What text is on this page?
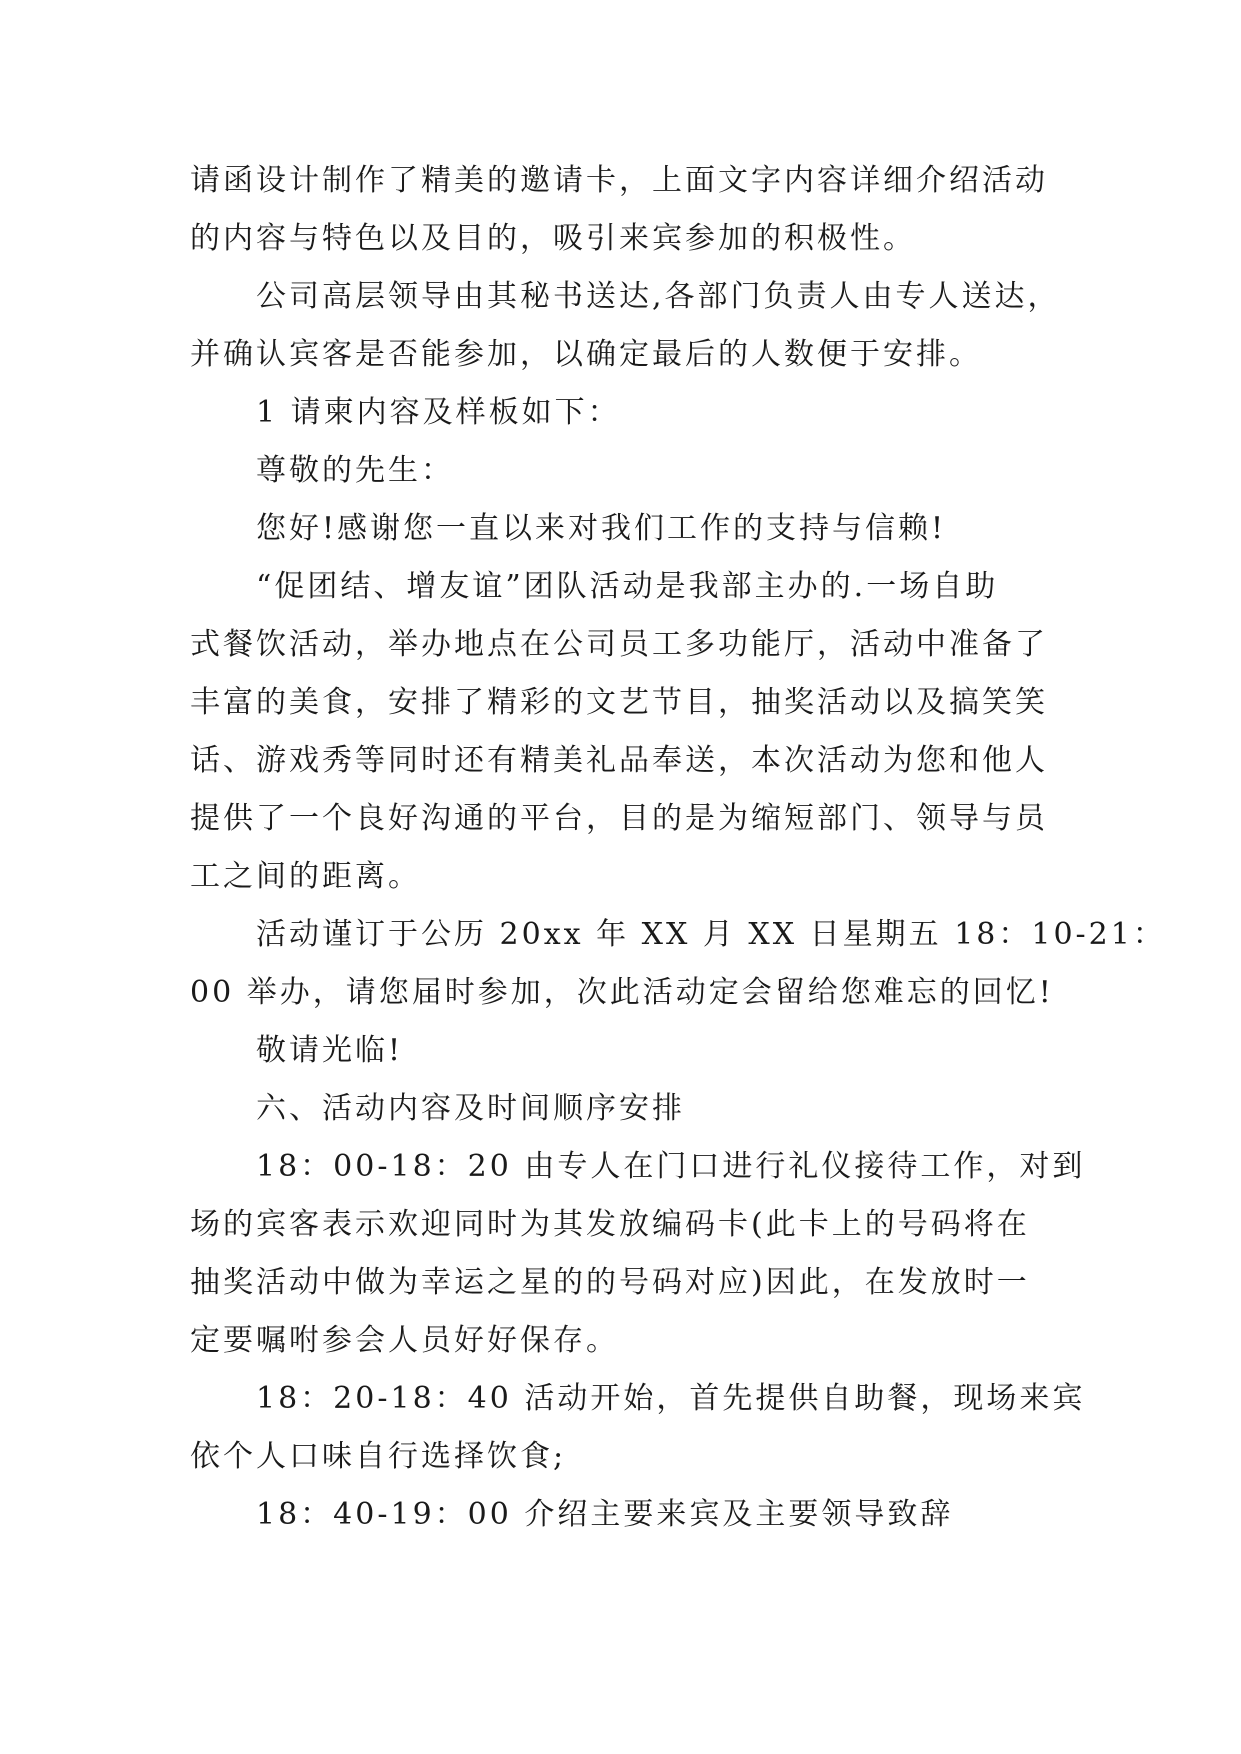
请函设计制作了精美的邀请卡，上面文字内容详细介绍活动
的内容与特色以及目的，吸引来宾参加的积极性。
公司高层领导由其秘书送达,各部门负责人由专人送达，
并确认宾客是否能参加，以确定最后的人数便于安排。
1 请柬内容及样板如下：
尊敬的先生：
您好!感谢您一直以来对我们工作的支持与信赖!
“促团结、增友谊”团队活动是我部主办的.一场自助
式餐饮活动，举办地点在公司员工多功能厅，活动中准备了
丰富的美食，安排了精彩的文艺节目，抽奖活动以及搞笑笑
话、游戏秀等同时还有精美礼品奉送，本次活动为您和他人
提供了一个良好沟通的平台，目的是为缩短部门、领导与员
工之间的距离。
活动谨订于公历 20xx 年 XX 月 XX 日星期五 18：10-21：
00 举办，请您届时参加，次此活动定会留给您难忘的回忆!
敬请光临!
六、活动内容及时间顺序安排
18：00-18：20 由专人在门口进行礼仪接待工作，对到
场的宾客表示欢迎同时为其发放编码卡(此卡上的号码将在
抽奖活动中做为幸运之星的的号码对应)因此，在发放时一
定要嘱咐参会人员好好保存。
18：20-18：40 活动开始，首先提供自助餐，现场来宾
依个人口味自行选择饮食;
18：40-19：00 介绍主要来宾及主要领导致辞
